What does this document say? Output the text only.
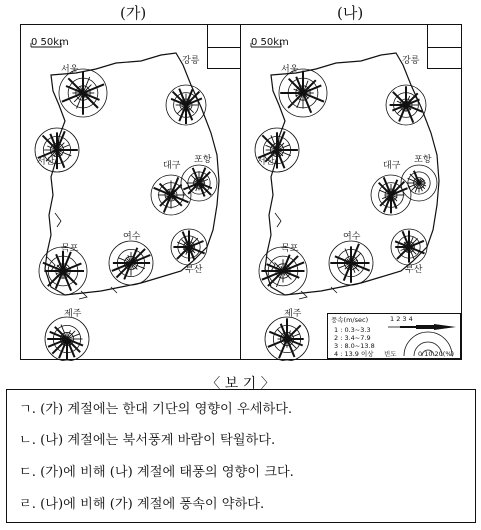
(가)	(나)
0 50km
서울
강릉
서산	대구
포항
목포
여수
부산
제주
0 50km
서울
강릉
서산	대구
포항
목포
여수
부산
제주
풍속(m/sec)	1 2 3 4
1 : 0.3~3.3
2 : 3.4~7.9
3 : 8.0~13.8
4 : 13.9 이상 빈도	0 10 20(%)
〈 보 기 〉
ㄱ. (가) 계절에는 한대 기단의 영향이 우세하다.
ㄴ. (나) 계절에는 북서풍계 바람이 탁월하다.
ㄷ. (가)에 비해 (나) 계절에 태풍의 영향이 크다.
ㄹ. (나)에 비해 (가) 계절에 풍속이 약하다.
